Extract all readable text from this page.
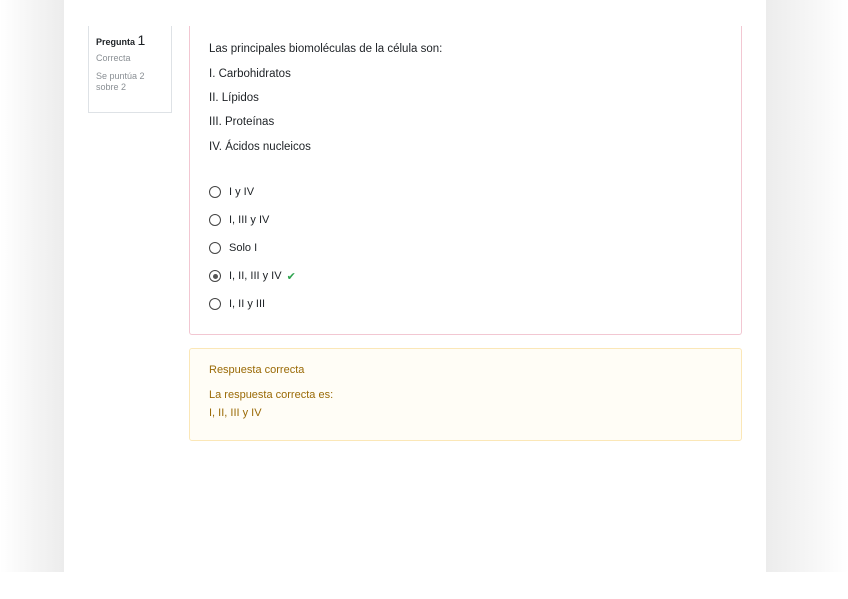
Pregunta 1
Correcta
Se puntúa 2 sobre 2
Las principales biomoléculas de la célula son:
I. Carbohidratos
II. Lípidos
III. Proteínas
IV. Ácidos nucleicos
I y IV
I, III y IV
Solo I
I, II, III y IV ✔
I, II y III
Respuesta correcta
La respuesta correcta es:
I, II, III y IV
